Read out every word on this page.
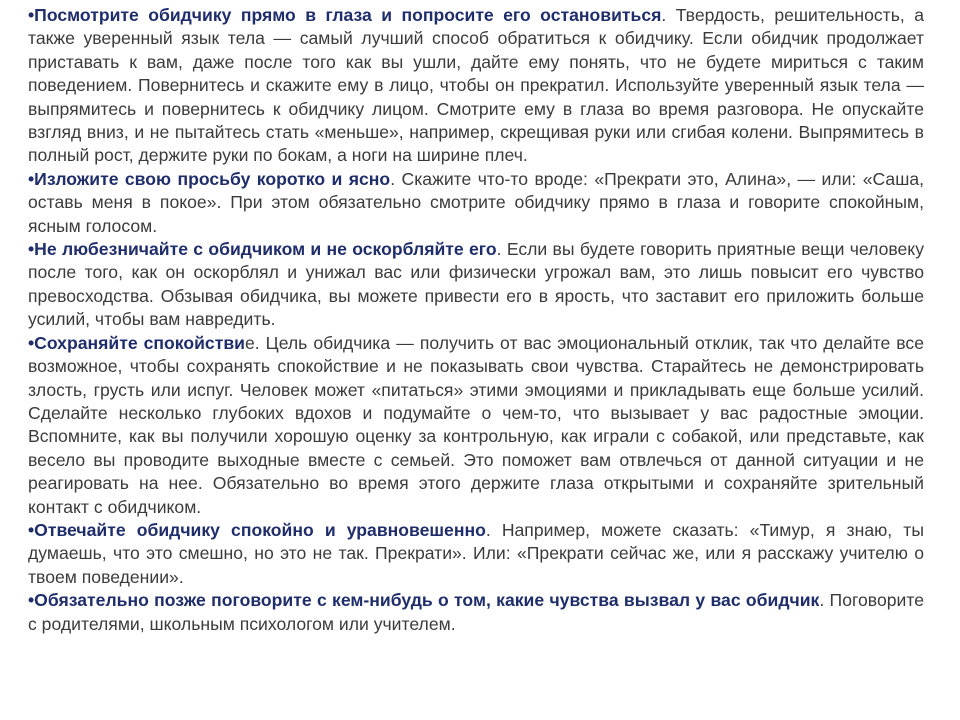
•Посмотрите обидчику прямо в глаза и попросите его остановиться. Твердость, решительность, а также уверенный язык тела — самый лучший способ обратиться к обидчику. Если обидчик продолжает приставать к вам, даже после того как вы ушли, дайте ему понять, что не будете мириться с таким поведением. Повернитесь и скажите ему в лицо, чтобы он прекратил. Используйте уверенный язык тела — выпрямитесь и повернитесь к обидчику лицом. Смотрите ему в глаза во время разговора. Не опускайте взгляд вниз, и не пытайтесь стать «меньше», например, скрещивая руки или сгибая колени. Выпрямитесь в полный рост, держите руки по бокам, а ноги на ширине плеч.

•Изложите свою просьбу коротко и ясно. Скажите что-то вроде: «Прекрати это, Алина», — или: «Саша, оставь меня в покое». При этом обязательно смотрите обидчику прямо в глаза и говорите спокойным, ясным голосом.

•Не любезничайте с обидчиком и не оскорбляйте его. Если вы будете говорить приятные вещи человеку после того, как он оскорблял и унижал вас или физически угрожал вам, это лишь повысит его чувство превосходства. Обзывая обидчика, вы можете привести его в ярость, что заставит его приложить больше усилий, чтобы вам навредить.

•Сохраняйте спокойствие. Цель обидчика — получить от вас эмоциональный отклик, так что делайте все возможное, чтобы сохранять спокойствие и не показывать свои чувства. Старайтесь не демонстрировать злость, грусть или испуг. Человек может «питаться» этими эмоциями и прикладывать еще больше усилий. Сделайте несколько глубоких вдохов и подумайте о чем-то, что вызывает у вас радостные эмоции. Вспомните, как вы получили хорошую оценку за контрольную, как играли с собакой, или представьте, как весело вы проводите выходные вместе с семьей. Это поможет вам отвлечься от данной ситуации и не реагировать на нее. Обязательно во время этого держите глаза открытыми и сохраняйте зрительный контакт с обидчиком.

•Отвечайте обидчику спокойно и уравновешенно. Например, можете сказать: «Тимур, я знаю, ты думаешь, что это смешно, но это не так. Прекрати». Или: «Прекрати сейчас же, или я расскажу учителю о твоем поведении».

•Обязательно позже поговорите с кем-нибудь о том, какие чувства вызвал у вас обидчик. Поговорите с родителями, школьным психологом или учителем.
